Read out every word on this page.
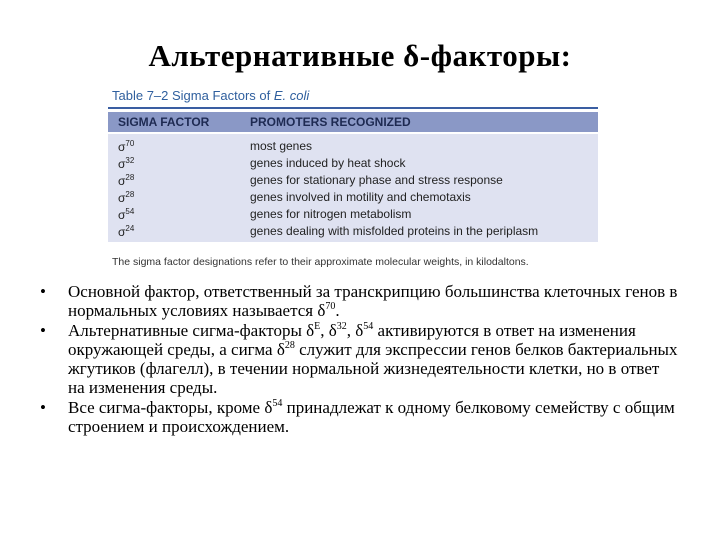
Альтернативные δ-факторы:
Table 7–2 Sigma Factors of E. coli
SIGMA FACTOR	PROMOTERS RECOGNIZED
$\sigma^{70}$	most genes
$\sigma^{32}$	genes induced by heat shock
$\sigma^{28}$	genes for stationary phase and stress response
$\sigma^{28}$	genes involved in motility and chemotaxis
$\sigma^{54}$	genes for nitrogen metabolism
$\sigma^{24}$	genes dealing with misfolded proteins in the periplasm
The sigma factor designations refer to their approximate molecular weights, in kilodaltons.
• Основной фактор, ответственный за транскрипцию большинства клеточных генов в нормальных условиях называется $\delta^{70}$.
• Альтернативные сигма-факторы $\delta^E$, $\delta^{32}$, $\delta^{54}$ активируются в ответ на изменения окружающей среды, а сигма $\delta^{28}$ служит для экспрессии генов белков бактериальных жгутиков (флагелл), в течении нормальной жизнедеятельности клетки, но в ответ на изменения среды.
• Все сигма-факторы, кроме $\delta^{54}$ принадлежат к одному белковому семейству с общим строением и происхождением.
